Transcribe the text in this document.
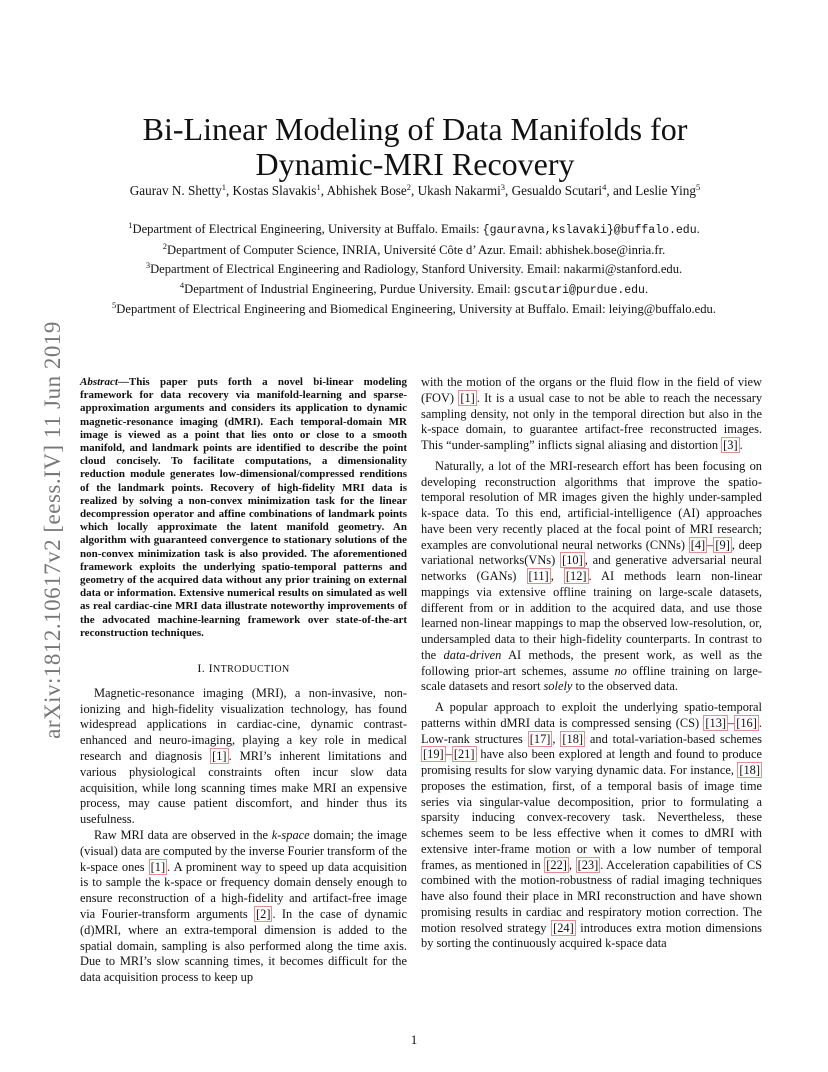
arXiv:1812.10617v2 [eess.IV] 11 Jun 2019
Bi-Linear Modeling of Data Manifolds for
Dynamic-MRI Recovery
Gaurav N. Shetty$^1$, Kostas Slavakis$^1$, Abhishek Bose$^2$, Ukash Nakarmi$^3$, Gesualdo Scutari$^4$, and Leslie Ying$^5$
$^1$Department of Electrical Engineering, University at Buffalo. Emails: {gauravna,kslavaki}@buffalo.edu.
$^2$Department of Computer Science, INRIA, Université Côte d’ Azur. Email: abhishek.bose@inria.fr.
$^3$Department of Electrical Engineering and Radiology, Stanford University. Email: nakarmi@stanford.edu.
$^4$Department of Industrial Engineering, Purdue University. Email: gscutari@purdue.edu.
$^5$Department of Electrical Engineering and Biomedical Engineering, University at Buffalo. Email: leiying@buffalo.edu.
Abstract—This paper puts forth a novel bi-linear modeling framework for data recovery via manifold-learning and sparse-approximation arguments and considers its application to dynamic magnetic-resonance imaging (dMRI). Each temporal-domain MR image is viewed as a point that lies onto or close to a smooth manifold, and landmark points are identified to describe the point cloud concisely. To facilitate computations, a dimensionality reduction module generates low-dimensional/compressed renditions of the landmark points. Recovery of high-fidelity MRI data is realized by solving a non-convex minimization task for the linear decompression operator and affine combinations of landmark points which locally approximate the latent manifold geometry. An algorithm with guaranteed convergence to stationary solutions of the non-convex minimization task is also provided. The aforementioned framework exploits the underlying spatio-temporal patterns and geometry of the acquired data without any prior training on external data or information. Extensive numerical results on simulated as well as real cardiac-cine MRI data illustrate noteworthy improvements of the advocated machine-learning framework over state-of-the-art reconstruction techniques.
I. INTRODUCTION

Magnetic-resonance imaging (MRI), a non-invasive, non-ionizing and high-fidelity visualization technology, has found widespread applications in cardiac-cine, dynamic contrast-enhanced and neuro-imaging, playing a key role in medical research and diagnosis [1] . MRI’s inherent limitations and various physiological constraints often incur slow data acquisition, while long scanning times make MRI an expensive process, may cause patient discomfort, and hinder thus its usefulness.

Raw MRI data are observed in the k-space domain; the image (visual) data are computed by the inverse Fourier transform of the k-space ones [1] . A prominent way to speed up data acquisition is to sample the k-space or frequency domain densely enough to ensure reconstruction of a high-fidelity and artifact-free image via Fourier-transform arguments [2] . In the case of dynamic (d)MRI, where an extra-temporal dimension is added to the spatial domain, sampling is also performed along the time axis. Due to MRI’s slow scanning times, it becomes difficult for the data acquisition process to keep up

with the motion of the organs or the fluid flow in the field of view (FOV) [1] . It is a usual case to not be able to reach the necessary sampling density, not only in the temporal direction but also in the k-space domain, to guarantee artifact-free reconstructed images. This “under-sampling” inflicts signal aliasing and distortion [3] .

Naturally, a lot of the MRI-research effort has been focusing on developing reconstruction algorithms that improve the spatio-temporal resolution of MR images given the highly under-sampled k-space data. To this end, artificial-intelligence (AI) approaches have been very recently placed at the focal point of MRI research; examples are convolutional neural networks (CNNs) [4] – [9] , deep variational networks(VNs) [10] , and generative adversarial neural networks (GANs) [11] , [12] . AI methods learn non-linear mappings via extensive offline training on large-scale datasets, different from or in addition to the acquired data, and use those learned non-linear mappings to map the observed low-resolution, or, undersampled data to their high-fidelity counterparts. In contrast to the data-driven AI methods, the present work, as well as the following prior-art schemes, assume no offline training on large-scale datasets and resort solely to the observed data.

A popular approach to exploit the underlying spatio-temporal patterns within dMRI data is compressed sensing (CS) [13] – [16] . Low-rank structures [17] , [18] and total-variation-based schemes [19] – [21] have also been explored at length and found to produce promising results for slow varying dynamic data. For instance, [18] proposes the estimation, first, of a temporal basis of image time series via singular-value decomposition, prior to formulating a sparsity inducing convex-recovery task. Nevertheless, these schemes seem to be less effective when it comes to dMRI with extensive inter-frame motion or with a low number of temporal frames, as mentioned in [22] , [23] . Acceleration capabilities of CS combined with the motion-robustness of radial imaging techniques have also found their place in MRI reconstruction and have shown promising results in cardiac and respiratory motion correction. The motion resolved strategy [24] introduces extra motion dimensions by sorting the continuously acquired k-space data

1
